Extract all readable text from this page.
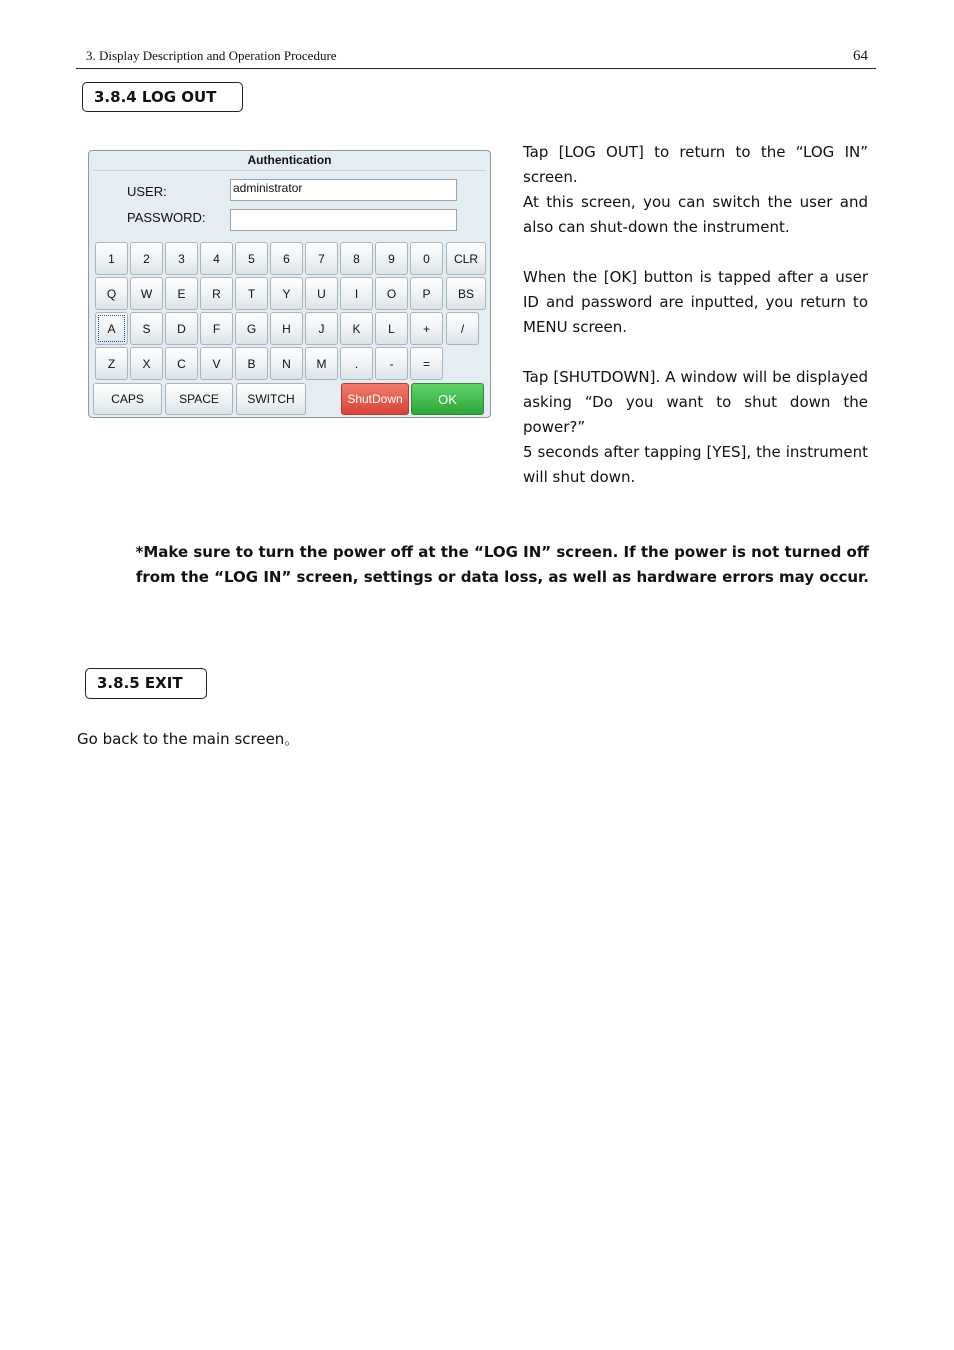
3. Display Description and Operation Procedure	64
3.8.4 LOG OUT
Authentication
USER:	administrator
PASSWORD:
1	2	3	4	5	6	7	8	9	0	CLR
Q	W	E	R	T	Y	U	I	O	P	BS
A	S	D	F	G	H	J	K	L	+	/
Z	X	C	V	B	N	M	.	-	=
CAPS	SPACE	SWITCH	ShutDown	OK

Tap [LOG OUT] to return to the “LOG IN” screen.

At this screen, you can switch the user and also can shut-down the instrument.

When the [OK] button is tapped after a user ID and password are inputted, you return to MENU screen.

Tap [SHUTDOWN]. A window will be displayed asking “Do you want to shut down the power?”

5 seconds after tapping [YES], the instrument will shut down.

*Make sure to turn the power off at the “LOG IN” screen. If the power is not turned off
from the “LOG IN” screen, settings or data loss, as well as hardware errors may occur.
3.8.5 EXIT
Go back to the main screen。
